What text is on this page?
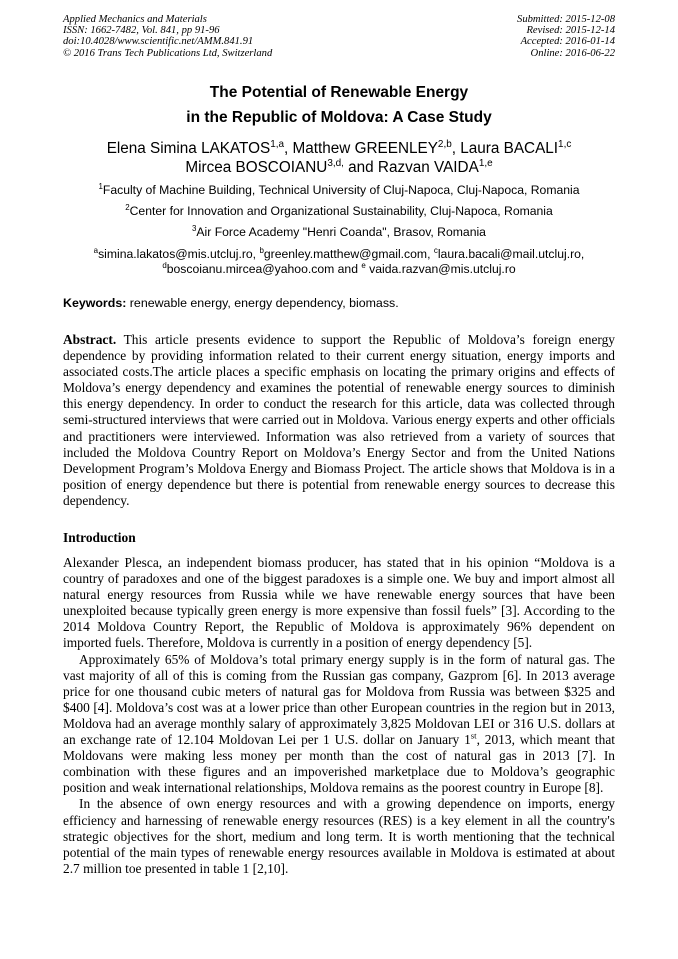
Applied Mechanics and Materials
ISSN: 1662-7482, Vol. 841, pp 91-96
doi:10.4028/www.scientific.net/AMM.841.91
© 2016 Trans Tech Publications Ltd, Switzerland
Submitted: 2015-12-08
Revised: 2015-12-14
Accepted: 2016-01-14
Online: 2016-06-22
The Potential of Renewable Energy
in the Republic of Moldova: A Case Study
Elena Simina LAKATOS$^{1,a}$, Matthew GREENLEY$^{2,b}$, Laura BACALI$^{1,c}$
Mircea $BOSCOIANU^{3,d,}$ and Razvan VAIDA$^{1,e}$
$^1$Faculty of Machine Building, Technical University of Cluj-Napoca, Cluj-Napoca, Romania
$^2$Center for Innovation and Organizational Sustainability, Cluj-Napoca, Romania
$^3$Air Force Academy "Henri Coanda", Brasov, Romania
$^a$simina.lakatos@mis.utcluj.ro, $^b$greenley.matthew@gmail.com, $^c$laura.bacali@mail.utcluj.ro,
$^d$boscoianu.mircea@yahoo.com and $^e$ vaida.razvan@mis.utcluj.ro
Keywords: renewable energy, energy dependency, biomass.
Abstract. This article presents evidence to support the Republic of Moldova’s foreign energy dependence by providing information related to their current energy situation, energy imports and associated costs.The article places a specific emphasis on locating the primary origins and effects of Moldova’s energy dependency and examines the potential of renewable energy sources to diminish this energy dependency. In order to conduct the research for this article, data was collected through semi-structured interviews that were carried out in Moldova. Various energy experts and other officials and practitioners were interviewed. Information was also retrieved from a variety of sources that included the Moldova Country Report on Moldova’s Energy Sector and from the United Nations Development Program’s Moldova Energy and Biomass Project. The article shows that Moldova is in a position of energy dependence but there is potential from renewable energy sources to decrease this dependency.
Introduction
Alexander Plesca, an independent biomass producer, has stated that in his opinion “Moldova is a country of paradoxes and one of the biggest paradoxes is a simple one. We buy and import almost all natural energy resources from Russia while we have renewable energy sources that have been unexploited because typically green energy is more expensive than fossil fuels” [3]. According to the 2014 Moldova Country Report, the Republic of Moldova is approximately 96% dependent on imported fuels. Therefore, Moldova is currently in a position of energy dependency [5].
Approximately 65% of Moldova’s total primary energy supply is in the form of natural gas. The vast majority of all of this is coming from the Russian gas company, Gazprom [6]. In 2013 average price for one thousand cubic meters of natural gas for Moldova from Russia was between $325 and $400 [4]. Moldova’s cost was at a lower price than other European countries in the region but in 2013, Moldova had an average monthly salary of approximately 3,825 Moldovan LEI or 316 U.S. dollars at an exchange rate of 12.104 Moldovan Lei per 1 U.S. dollar on January 1st, 2013, which meant that Moldovans were making less money per month than the cost of natural gas in 2013 [7]. In combination with these figures and an impoverished marketplace due to Moldova’s geographic position and weak international relationships, Moldova remains as the poorest country in Europe [8].
In the absence of own energy resources and with a growing dependence on imports, energy efficiency and harnessing of renewable energy resources (RES) is a key element in all the country's strategic objectives for the short, medium and long term. It is worth mentioning that the technical potential of the main types of renewable energy resources available in Moldova is estimated at about 2.7 million toe presented in table 1 [2,10].
